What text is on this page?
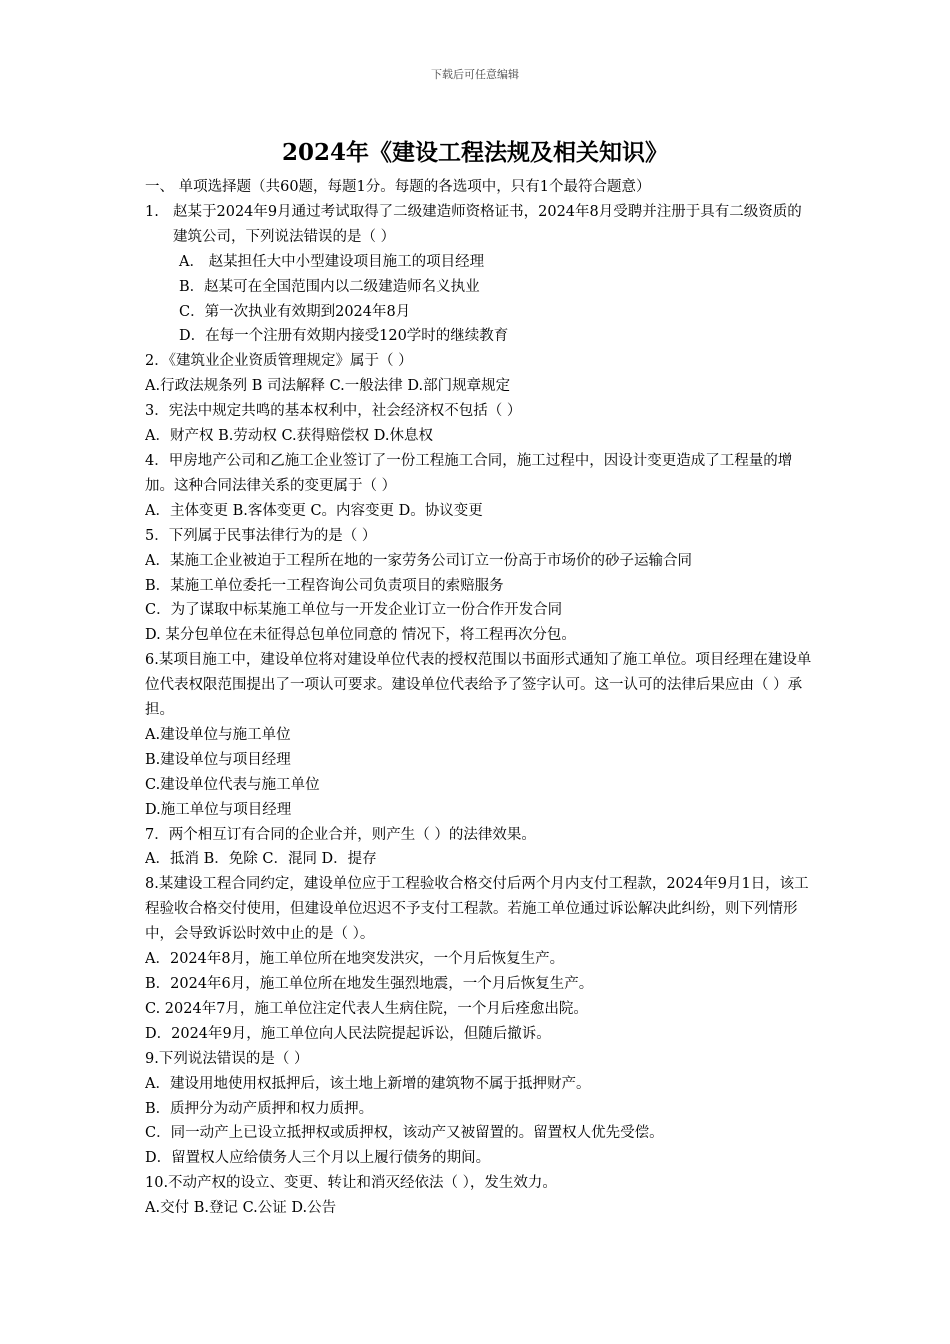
下载后可任意编辑
2024年《建设工程法规及相关知识》
一、 单项选择题（共60题，每题1分。每题的各选项中，只有1个最符合题意）
1. 赵某于2024年9月通过考试取得了二级建造师资格证书，2024年8月受聘并注册于具有二级资质的建筑公司，下列说法错误的是（ ）
A． 赵某担任大中小型建设项目施工的项目经理
B．赵某可在全国范围内以二级建造师名义执业
C．第一次执业有效期到2024年8月
D．在每一个注册有效期内接受120学时的继续教育
2．《建筑业企业资质管理规定》属于（ ）
A.行政法规条列 B 司法解释 C.一般法律 D.部门规章规定
3．宪法中规定共鸣的基本权利中，社会经济权不包括（ ）
A．财产权 B.劳动权 C.获得赔偿权 D.休息权
4．甲房地产公司和乙施工企业签订了一份工程施工合同，施工过程中，因设计变更造成了工程量的增加。这种合同法律关系的变更属于（ ）
A．主体变更 B.客体变更 C。内容变更 D。协议变更
5．下列属于民事法律行为的是（ ）
A．某施工企业被迫于工程所在地的一家劳务公司订立一份高于市场价的砂子运输合同
B．某施工单位委托一工程咨询公司负责项目的索赔服务
C．为了谋取中标某施工单位与一开发企业订立一份合作开发合同
D. 某分包单位在未征得总包单位同意的 情况下，将工程再次分包。
6.某项目施工中，建设单位将对建设单位代表的授权范围以书面形式通知了施工单位。项目经理在建设单位代表权限范围提出了一项认可要求。建设单位代表给予了签字认可。这一认可的法律后果应由（ ）承担。
A.建设单位与施工单位
B.建设单位与项目经理
C.建设单位代表与施工单位
D.施工单位与项目经理
7．两个相互订有合同的企业合并，则产生（ ）的法律效果。
A．抵消 B．免除 C．混同 D．提存
8.某建设工程合同约定，建设单位应于工程验收合格交付后两个月内支付工程款，2024年9月1日，该工程验收合格交付使用，但建设单位迟迟不予支付工程款。若施工单位通过诉讼解决此纠纷，则下列情形中，会导致诉讼时效中止的是（ ）。
A．2024年8月，施工单位所在地突发洪灾，一个月后恢复生产。
B．2024年6月，施工单位所在地发生强烈地震，一个月后恢复生产。
C. 2024年7月，施工单位注定代表人生病住院，一个月后痊愈出院。
D．2024年9月，施工单位向人民法院提起诉讼，但随后撤诉。
9.下列说法错误的是（ ）
A．建设用地使用权抵押后，该土地上新增的建筑物不属于抵押财产。
B．质押分为动产质押和权力质押。
C．同一动产上已设立抵押权或质押权，该动产又被留置的。留置权人优先受偿。
D．留置权人应给债务人三个月以上履行债务的期间。
10.不动产权的设立、变更、转让和消灭经依法（ ），发生效力。
A.交付 B.登记 C.公证 D.公告
